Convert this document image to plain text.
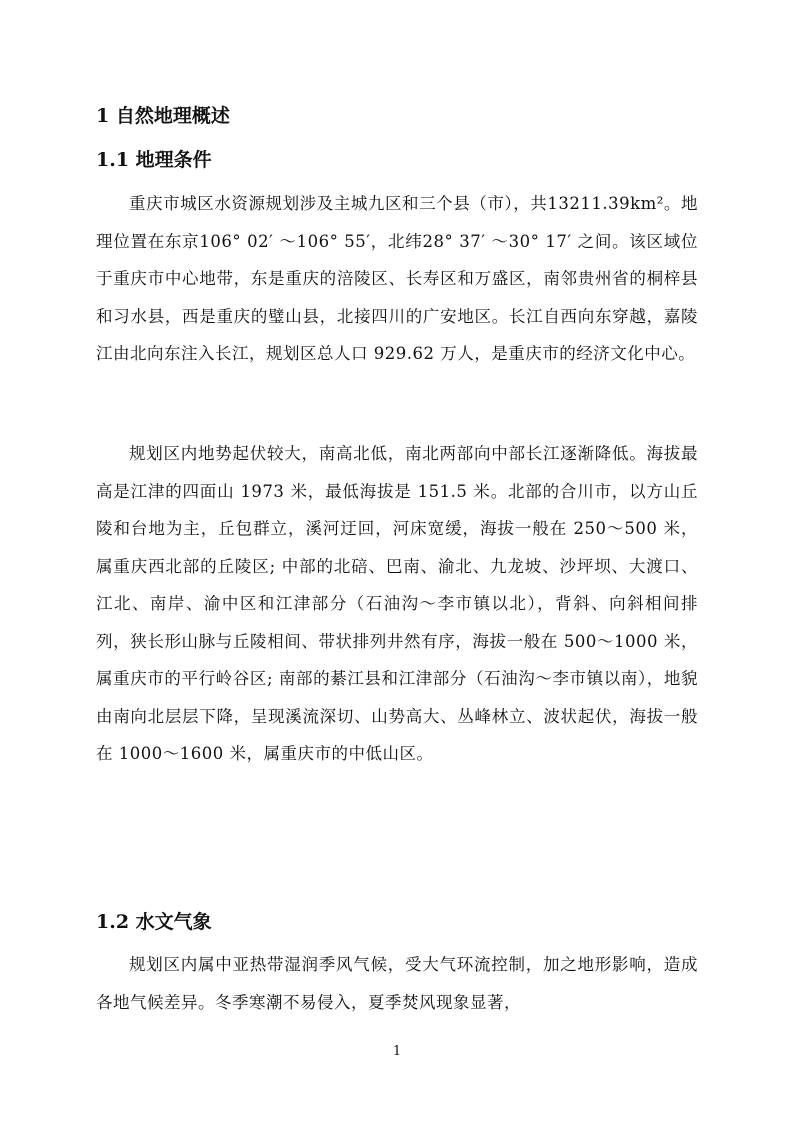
1 自然地理概述
1.1 地理条件

重庆市城区水资源规划涉及主城九区和三个县（市），共13211.39km²。地理位置在东京106° 02′ ～106° 55′，北纬28° 37′ ～30° 17′ 之间。该区域位于重庆市中心地带，东是重庆的涪陵区、长寿区和万盛区，南邻贵州省的桐梓县和习水县，西是重庆的璧山县，北接四川的广安地区。长江自西向东穿越，嘉陵江由北向东注入长江，规划区总人口 929.62 万人，是重庆市的经济文化中心。

规划区内地势起伏较大，南高北低，南北两部向中部长江逐渐降低。海拔最高是江津的四面山 1973 米，最低海拔是 151.5 米。北部的合川市，以方山丘陵和台地为主，丘包群立，溪河迂回，河床宽缓，海拔一般在 250～500 米，属重庆西北部的丘陵区; 中部的北碚、巴南、渝北、九龙坡、沙坪坝、大渡口、江北、南岸、渝中区和江津部分（石油沟～李市镇以北），背斜、向斜相间排列，狭长形山脉与丘陵相间、带状排列井然有序，海拔一般在 500～1000 米，属重庆市的平行岭谷区; 南部的綦江县和江津部分（石油沟～李市镇以南），地貌由南向北层层下降，呈现溪流深切、山势高大、丛峰林立、波状起伏，海拔一般在 1000～1600 米，属重庆市的中低山区。

1.2 水文气象

规划区内属中亚热带湿润季风气候，受大气环流控制，加之地形影响，造成各地气候差异。冬季寒潮不易侵入，夏季焚风现象显著，

1
